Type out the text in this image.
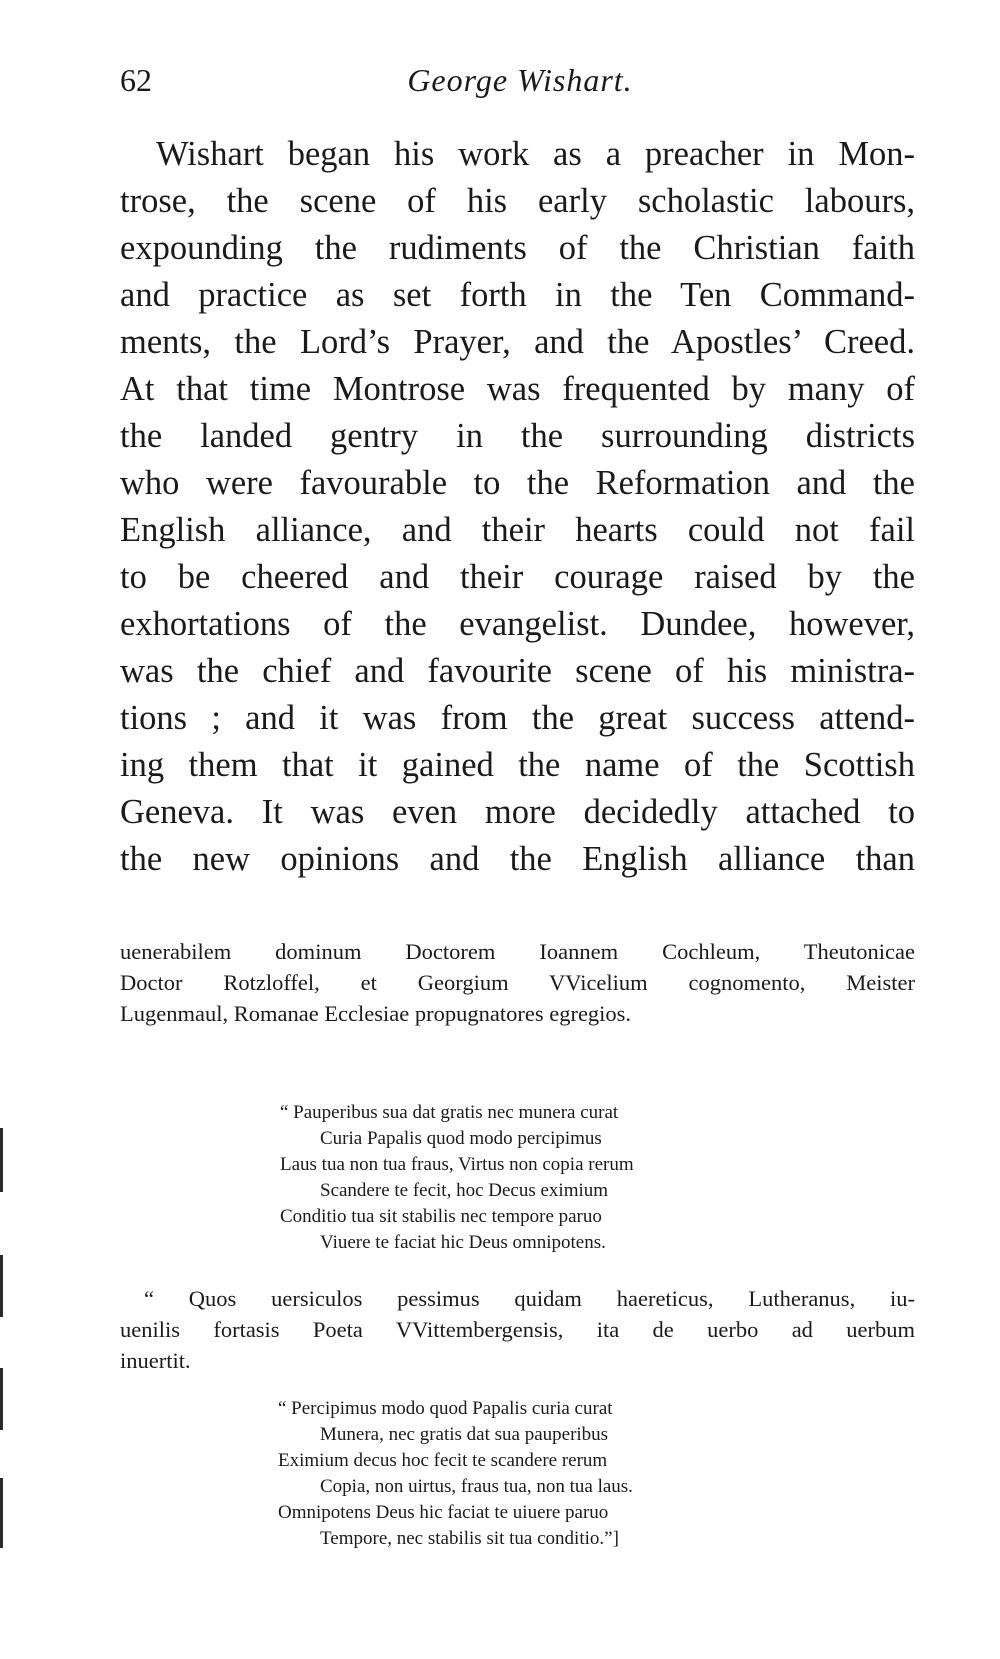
62	George Wishart.
Wishart began his work as a preacher in Mon-
trose, the scene of his early scholastic labours,
expounding the rudiments of the Christian faith
and practice as set forth in the Ten Command-
ments, the Lord’s Prayer, and the Apostles’ Creed.
At that time Montrose was frequented by many of
the landed gentry in the surrounding districts
who were favourable to the Reformation and the
English alliance, and their hearts could not fail
to be cheered and their courage raised by the
exhortations of the evangelist. Dundee, however,
was the chief and favourite scene of his ministra-
tions ; and it was from the great success attend-
ing them that it gained the name of the Scottish
Geneva. It was even more decidedly attached to
the new opinions and the English alliance than
uenerabilem dominum Doctorem Ioannem Cochleum, Theutonicae
Doctor Rotzloffel, et Georgium VVicelium cognomento, Meister
Lugenmaul, Romanae Ecclesiae propugnatores egregios.
“ Pauperibus sua dat gratis nec munera curat
Curia Papalis quod modo percipimus
Laus tua non tua fraus, Virtus non copia rerum
Scandere te fecit, hoc Decus eximium
Conditio tua sit stabilis nec tempore paruo
Viuere te faciat hic Deus omnipotens.
“ Quos uersiculos pessimus quidam haereticus, Lutheranus, iu-
uenilis fortasis Poeta VVittembergensis, ita de uerbo ad uerbum
inuertit.
“ Percipimus modo quod Papalis curia curat
Munera, nec gratis dat sua pauperibus
Eximium decus hoc fecit te scandere rerum
Copia, non uirtus, fraus tua, non tua laus.
Omnipotens Deus hic faciat te uiuere paruo
Tempore, nec stabilis sit tua conditio.”]
